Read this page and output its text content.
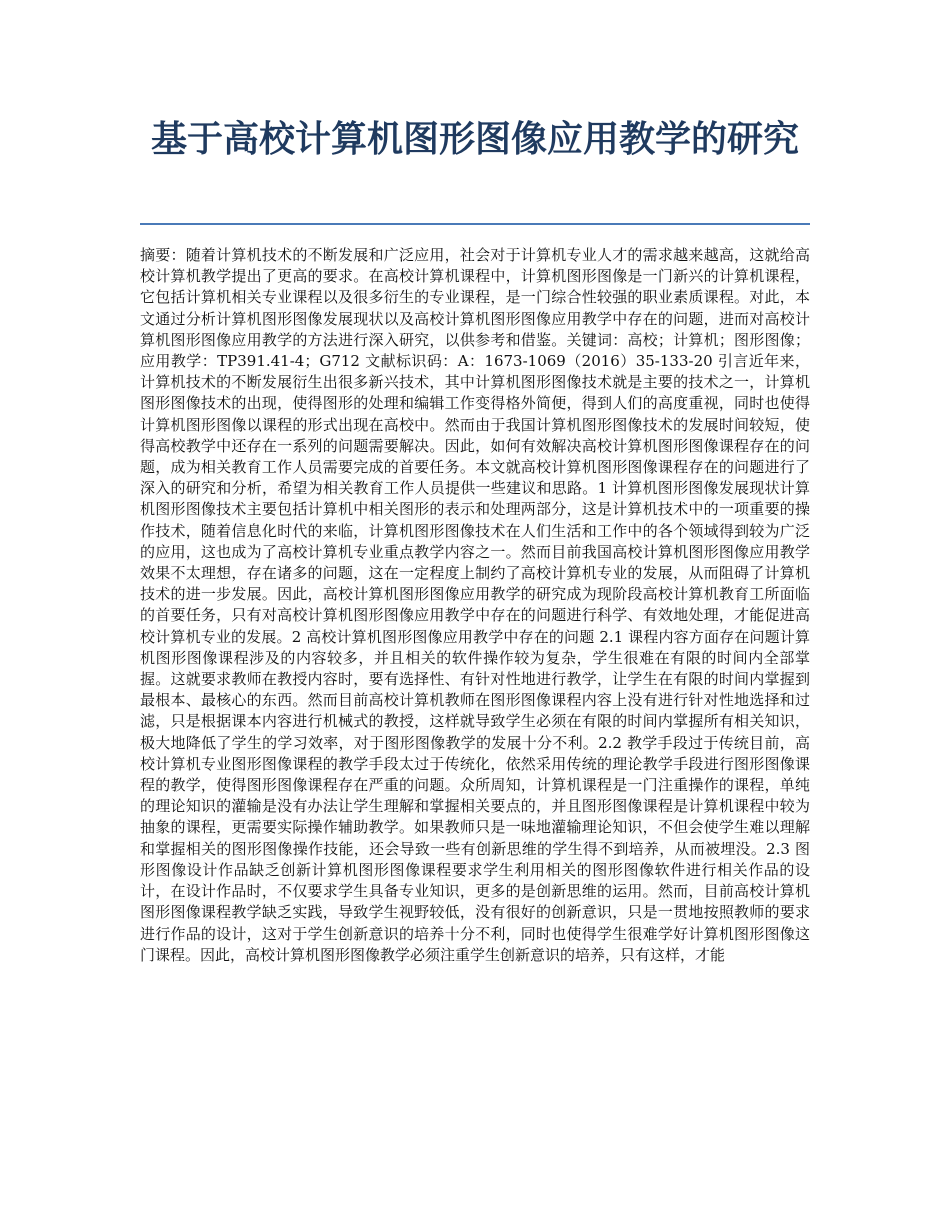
基于高校计算机图形图像应用教学的研究

摘要：随着计算机技术的不断发展和广泛应用，社会对于计算机专业人才的需求越来越高，这就给高校计算机教学提出了更高的要求。在高校计算机课程中，计算机图形图像是一门新兴的计算机课程，它包括计算机相关专业课程以及很多衍生的专业课程，是一门综合性较强的职业素质课程。对此，本文通过分析计算机图形图像发展现状以及高校计算机图形图像应用教学中存在的问题，进而对高校计算机图形图像应用教学的方法进行深入研究，以供参考和借鉴。关键词：高校；计算机；图形图像；应用教学：TP391.41-4；G712 文献标识码：A：1673-1069（2016）35-133-20 引言近年来，计算机技术的不断发展衍生出很多新兴技术，其中计算机图形图像技术就是主要的技术之一，计算机图形图像技术的出现，使得图形的处理和编辑工作变得格外简便，得到人们的高度重视，同时也使得计算机图形图像以课程的形式出现在高校中。然而由于我国计算机图形图像技术的发展时间较短，使得高校教学中还存在一系列的问题需要解决。因此，如何有效解决高校计算机图形图像课程存在的问题，成为相关教育工作人员需要完成的首要任务。本文就高校计算机图形图像课程存在的问题进行了深入的研究和分析，希望为相关教育工作人员提供一些建议和思路。1 计算机图形图像发展现状计算机图形图像技术主要包括计算机中相关图形的表示和处理两部分，这是计算机技术中的一项重要的操作技术，随着信息化时代的来临，计算机图形图像技术在人们生活和工作中的各个领域得到较为广泛的应用，这也成为了高校计算机专业重点教学内容之一。然而目前我国高校计算机图形图像应用教学效果不太理想，存在诸多的问题，这在一定程度上制约了高校计算机专业的发展，从而阻碍了计算机技术的进一步发展。因此，高校计算机图形图像应用教学的研究成为现阶段高校计算机教育工所面临的首要任务，只有对高校计算机图形图像应用教学中存在的问题进行科学、有效地处理，才能促进高校计算机专业的发展。2 高校计算机图形图像应用教学中存在的问题 2.1 课程内容方面存在问题计算机图形图像课程涉及的内容较多，并且相关的软件操作较为复杂，学生很难在有限的时间内全部掌握。这就要求教师在教授内容时，要有选择性、有针对性地进行教学，让学生在有限的时间内掌握到最根本、最核心的东西。然而目前高校计算机教师在图形图像课程内容上没有进行针对性地选择和过滤，只是根据课本内容进行机械式的教授，这样就导致学生必须在有限的时间内掌握所有相关知识，极大地降低了学生的学习效率，对于图形图像教学的发展十分不利。2.2 教学手段过于传统目前，高校计算机专业图形图像课程的教学手段太过于传统化，依然采用传统的理论教学手段进行图形图像课程的教学，使得图形图像课程存在严重的问题。众所周知，计算机课程是一门注重操作的课程，单纯的理论知识的灌输是没有办法让学生理解和掌握相关要点的，并且图形图像课程是计算机课程中较为抽象的课程，更需要实际操作辅助教学。如果教师只是一味地灌输理论知识，不但会使学生难以理解和掌握相关的图形图像操作技能，还会导致一些有创新思维的学生得不到培养，从而被埋没。2.3 图形图像设计作品缺乏创新计算机图形图像课程要求学生利用相关的图形图像软件进行相关作品的设计，在设计作品时，不仅要求学生具备专业知识，更多的是创新思维的运用。然而，目前高校计算机图形图像课程教学缺乏实践，导致学生视野较低，没有很好的创新意识，只是一贯地按照教师的要求进行作品的设计，这对于学生创新意识的培养十分不利，同时也使得学生很难学好计算机图形图像这门课程。因此，高校计算机图形图像教学必须注重学生创新意识的培养，只有这样，才能
